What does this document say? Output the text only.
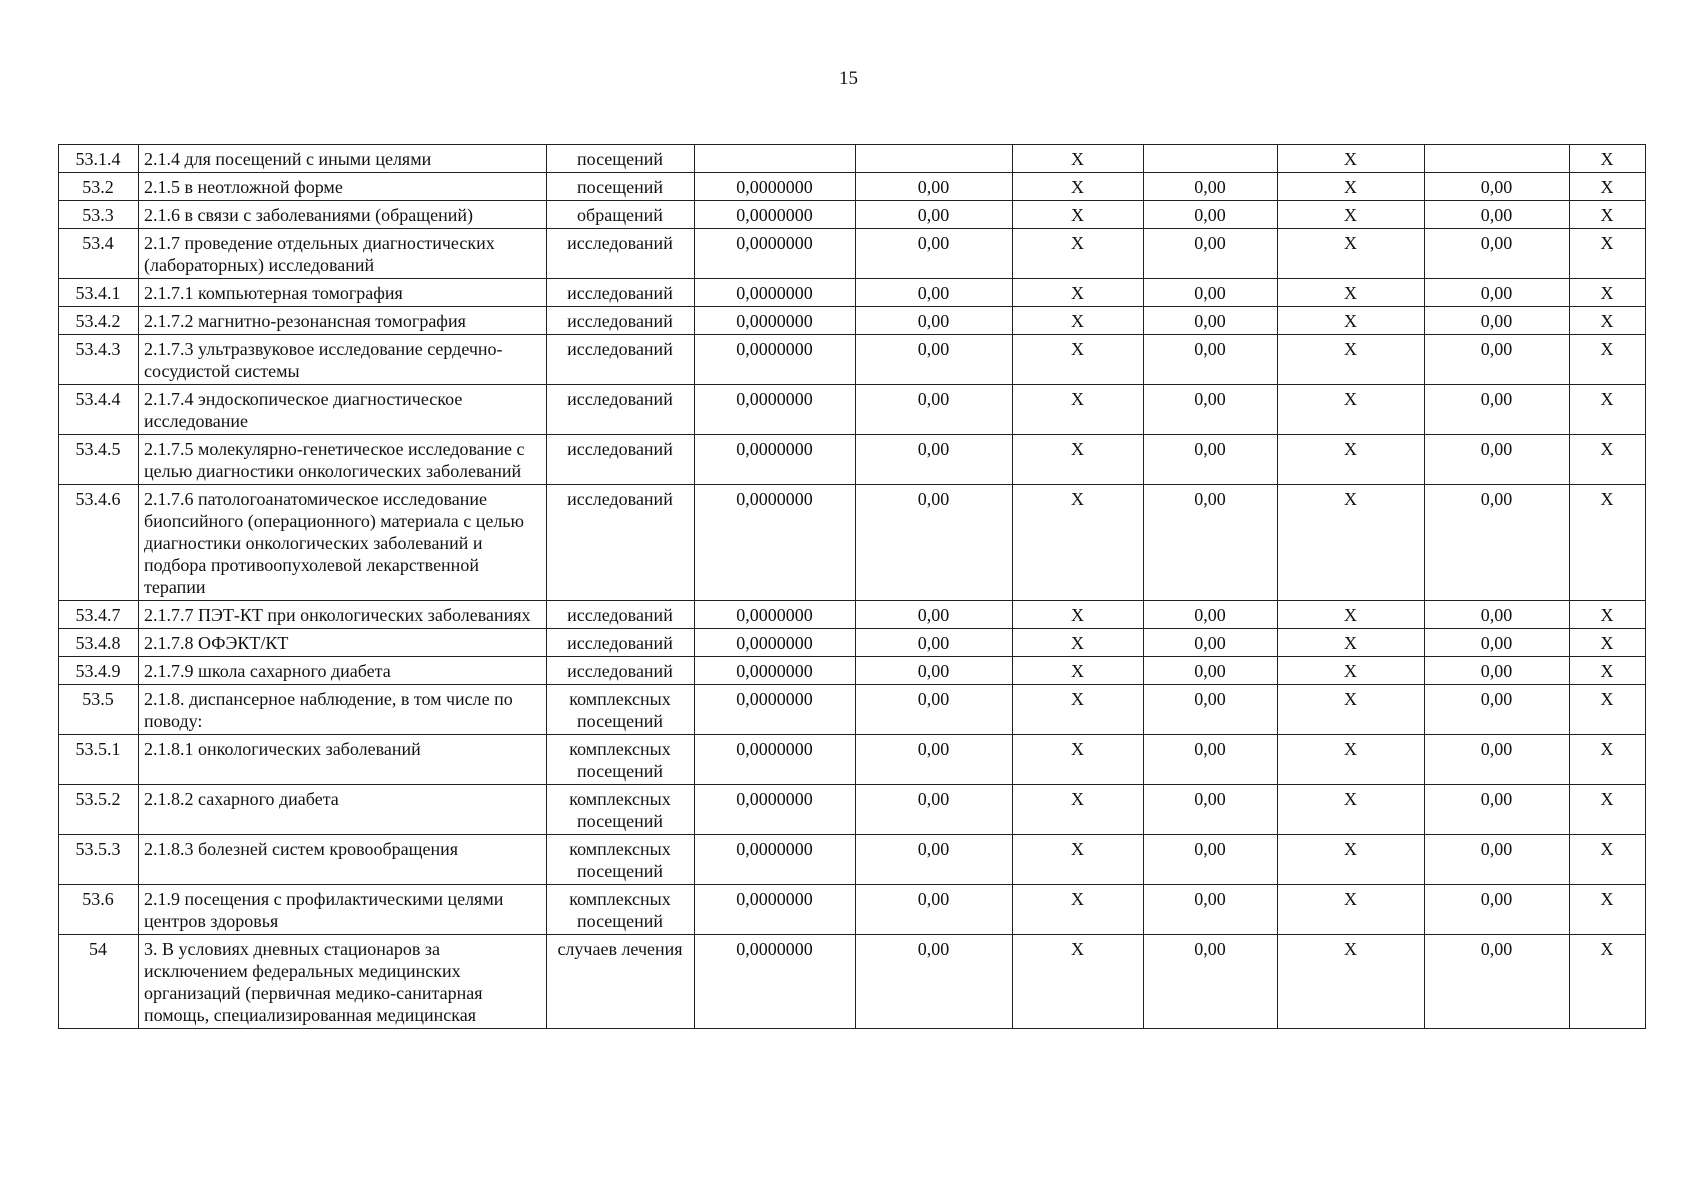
15
53.1.4	2.1.4 для посещений с иными целями	посещений			Х		Х		Х
53.2	2.1.5 в неотложной форме	посещений	0,0000000	0,00	Х	0,00	Х	0,00	Х
53.3	2.1.6 в связи с заболеваниями (обращений)	обращений	0,0000000	0,00	Х	0,00	Х	0,00	Х
53.4	2.1.7 проведение отдельных диагностических (лабораторных) исследований	исследований	0,0000000	0,00	Х	0,00	Х	0,00	Х
53.4.1	2.1.7.1 компьютерная томография	исследований	0,0000000	0,00	Х	0,00	Х	0,00	Х
53.4.2	2.1.7.2 магнитно-резонансная томография	исследований	0,0000000	0,00	Х	0,00	Х	0,00	Х
53.4.3	2.1.7.3 ультразвуковое исследование сердечно-сосудистой системы	исследований	0,0000000	0,00	Х	0,00	Х	0,00	Х
53.4.4	2.1.7.4 эндоскопическое диагностическое исследование	исследований	0,0000000	0,00	Х	0,00	Х	0,00	Х
53.4.5	2.1.7.5 молекулярно-генетическое исследование с целью диагностики онкологических заболеваний	исследований	0,0000000	0,00	Х	0,00	Х	0,00	Х
53.4.6	2.1.7.6 патологоанатомическое исследование биопсийного (операционного) материала с целью диагностики онкологических заболеваний и подбора противоопухолевой лекарственной терапии	исследований	0,0000000	0,00	Х	0,00	Х	0,00	Х
53.4.7	2.1.7.7 ПЭТ-КТ при онкологических заболеваниях	исследований	0,0000000	0,00	Х	0,00	Х	0,00	Х
53.4.8	2.1.7.8 ОФЭКТ/КТ	исследований	0,0000000	0,00	Х	0,00	Х	0,00	Х
53.4.9	2.1.7.9 школа сахарного диабета	исследований	0,0000000	0,00	Х	0,00	Х	0,00	Х
53.5	2.1.8. диспансерное наблюдение, в том числе по поводу:	комплексных посещений	0,0000000	0,00	Х	0,00	Х	0,00	Х
53.5.1	2.1.8.1 онкологических заболеваний	комплексных посещений	0,0000000	0,00	Х	0,00	Х	0,00	Х
53.5.2	2.1.8.2 сахарного диабета	комплексных посещений	0,0000000	0,00	Х	0,00	Х	0,00	Х
53.5.3	2.1.8.3 болезней систем кровообращения	комплексных посещений	0,0000000	0,00	Х	0,00	Х	0,00	Х
53.6	2.1.9 посещения с профилактическими целями центров здоровья	комплексных посещений	0,0000000	0,00	Х	0,00	Х	0,00	Х
54	3. В условиях дневных стационаров за исключением федеральных медицинских организаций (первичная медико-санитарная помощь, специализированная медицинская	случаев лечения	0,0000000	0,00	Х	0,00	Х	0,00	Х
